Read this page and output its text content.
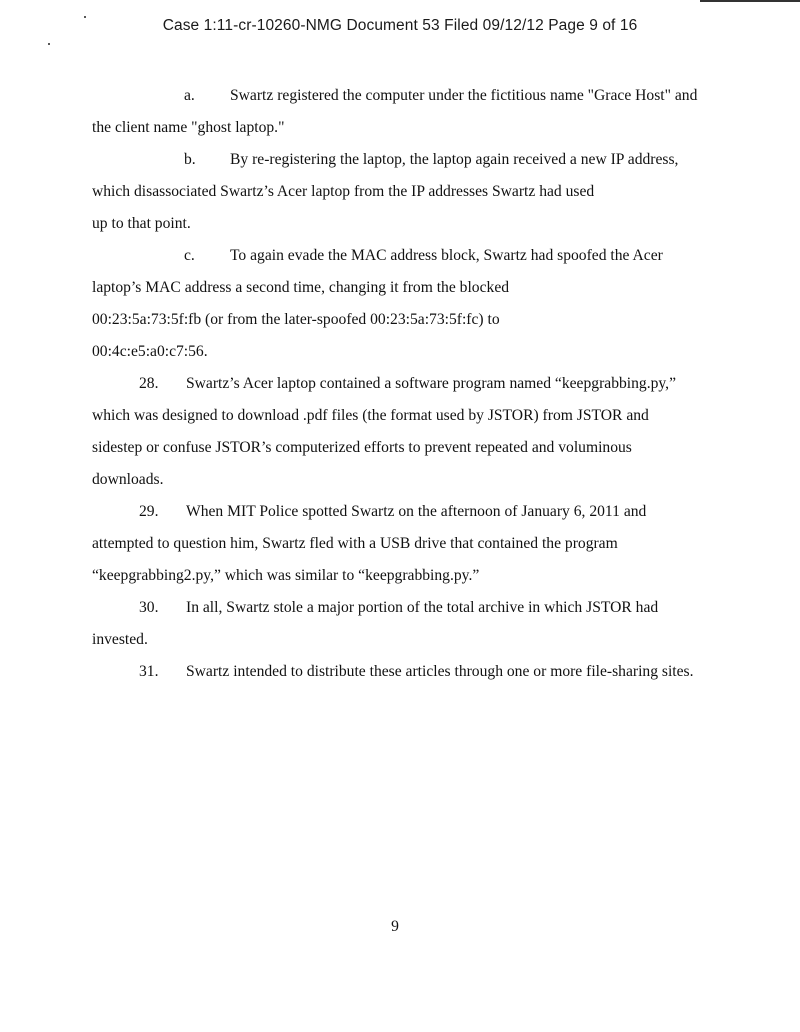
Case 1:11-cr-10260-NMG Document 53 Filed 09/12/12 Page 9 of 16

a. Swartz registered the computer under the fictitious name "Grace Host" and

the client name "ghost laptop."

b. By re-registering the laptop, the laptop again received a new IP address,

which disassociated Swartz’s Acer laptop from the IP addresses Swartz had used

up to that point.

c. To again evade the MAC address block, Swartz had spoofed the Acer

laptop’s MAC address a second time, changing it from the blocked

00:23:5a:73:5f:fb (or from the later-spoofed 00:23:5a:73:5f:fc) to

00:4c:e5:a0:c7:56.

28. Swartz’s Acer laptop contained a software program named “keepgrabbing.py,”

which was designed to download .pdf files (the format used by JSTOR) from JSTOR and

sidestep or confuse JSTOR’s computerized efforts to prevent repeated and voluminous

downloads.

29. When MIT Police spotted Swartz on the afternoon of January 6, 2011 and

attempted to question him, Swartz fled with a USB drive that contained the program

“keepgrabbing2.py,” which was similar to “keepgrabbing.py.”

30. In all, Swartz stole a major portion of the total archive in which JSTOR had

invested.

31. Swartz intended to distribute these articles through one or more file-sharing sites.

9
